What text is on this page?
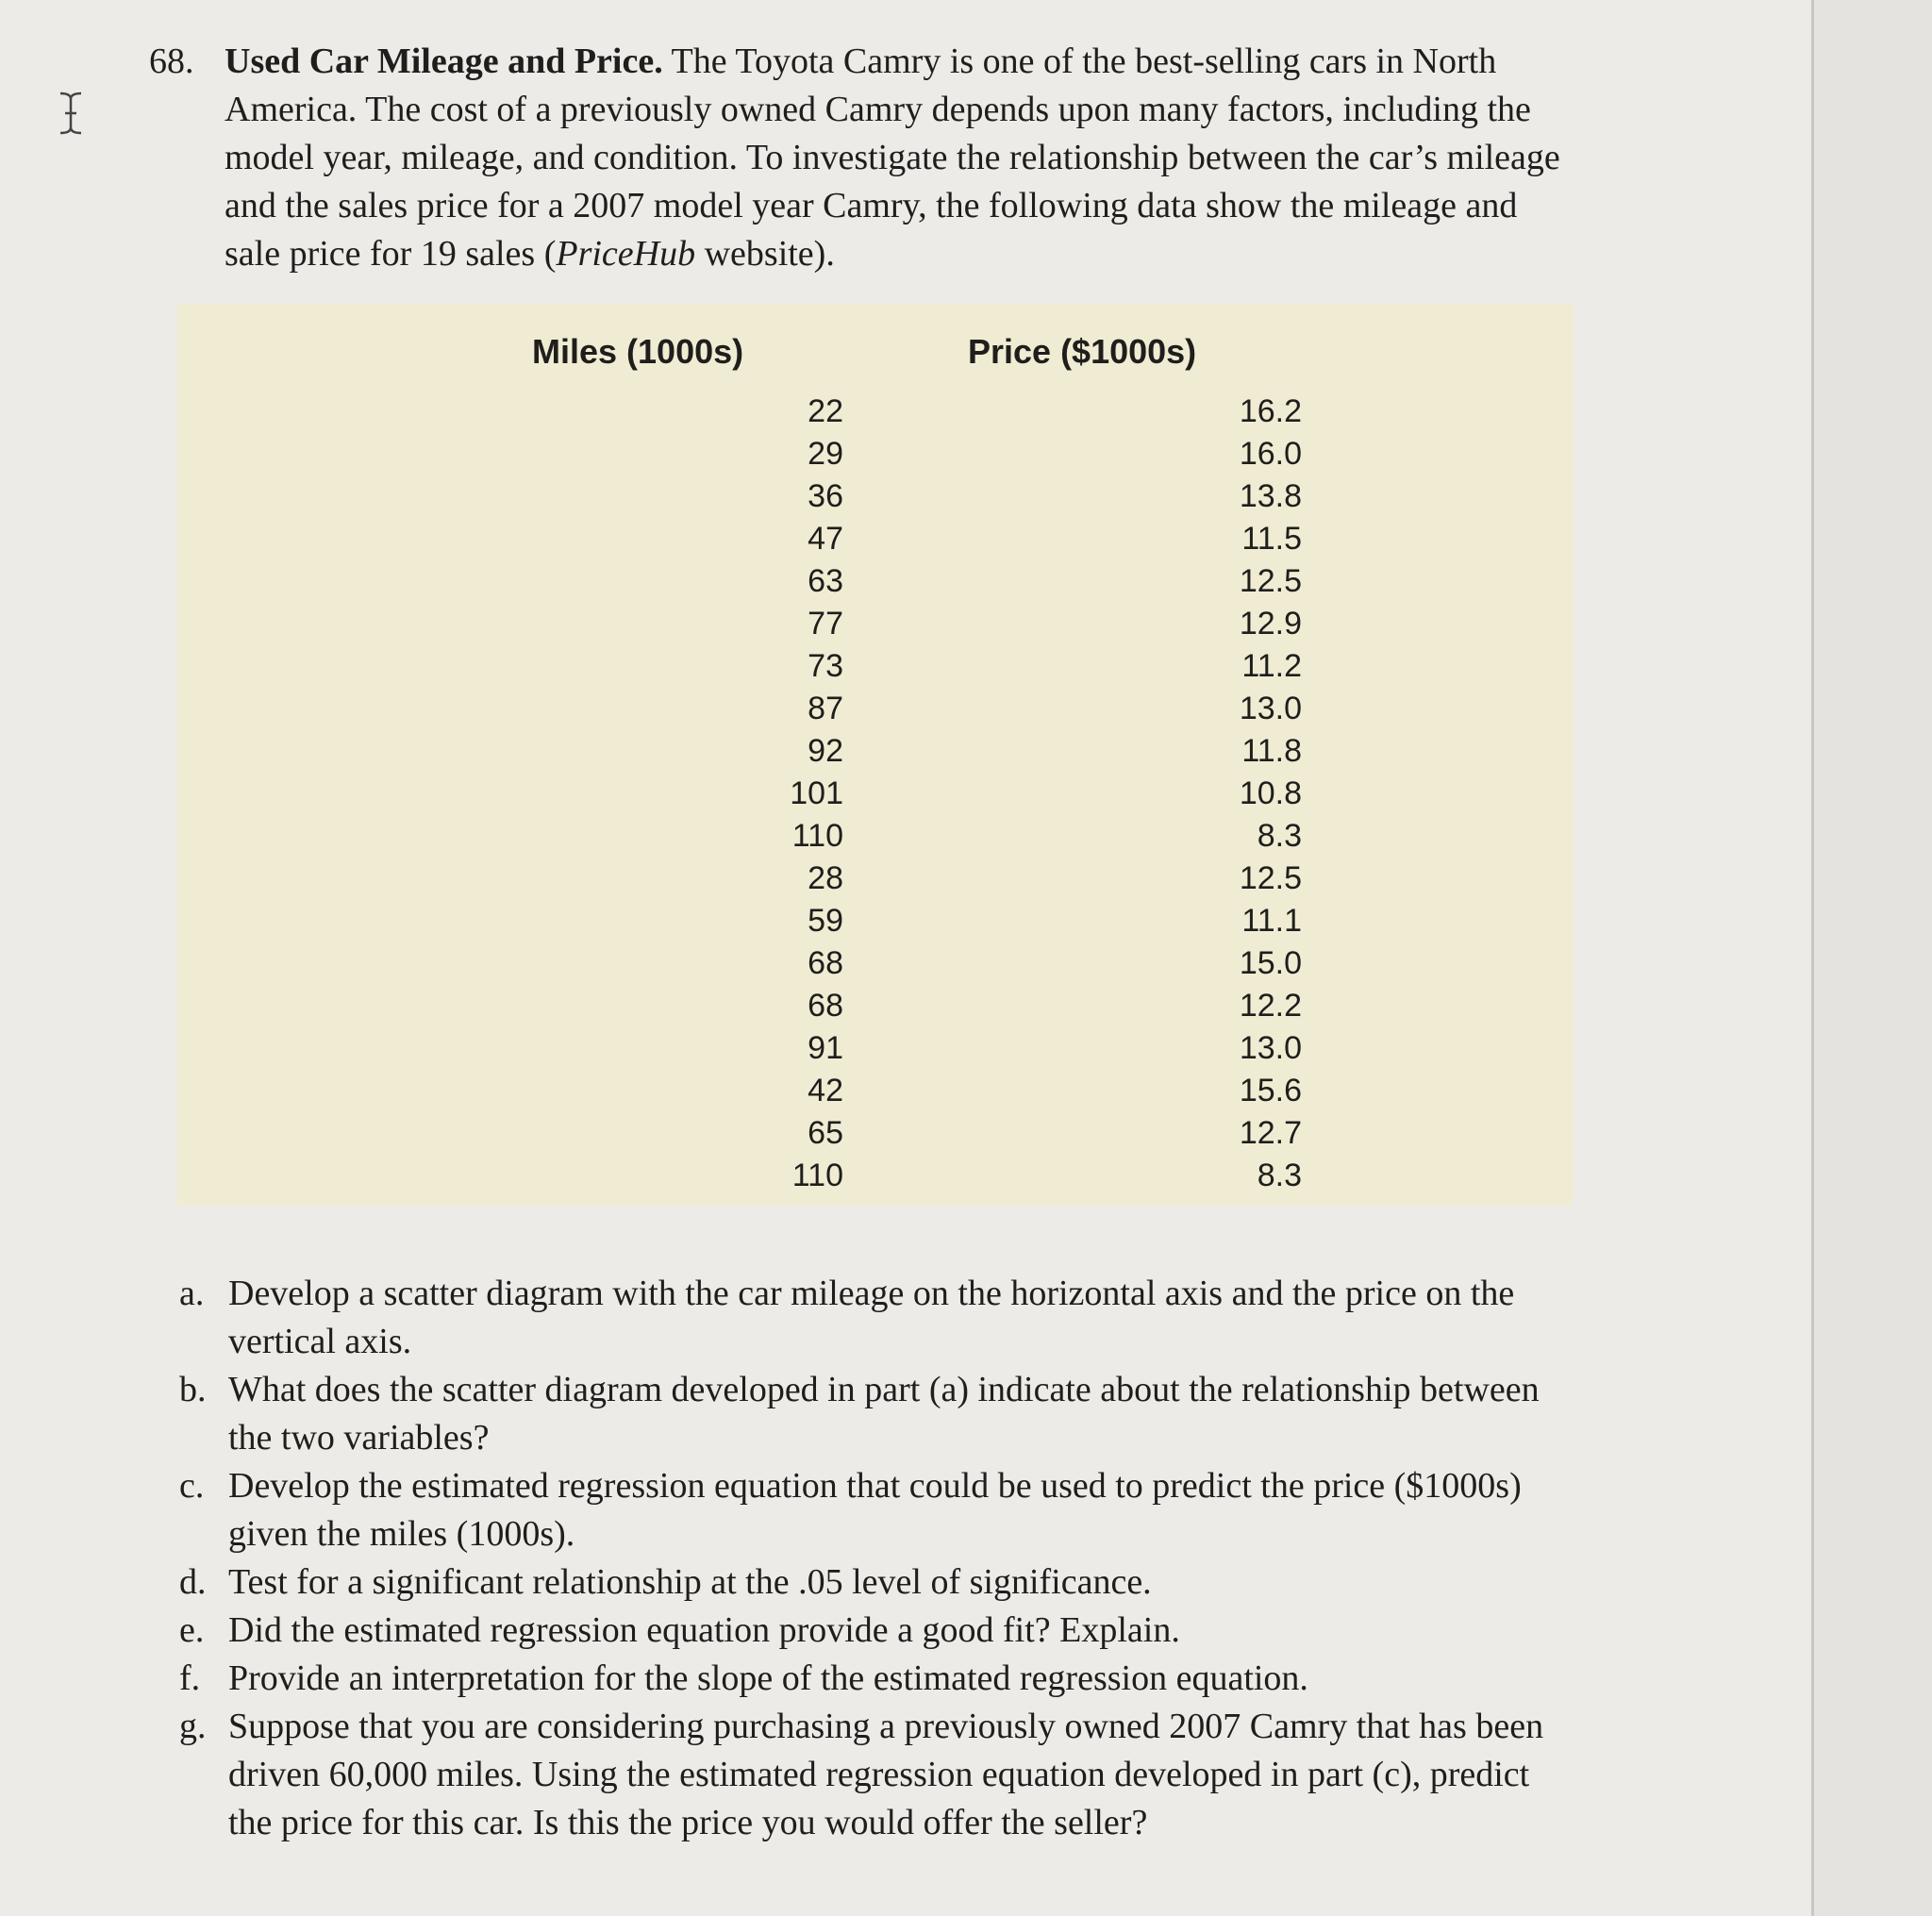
68. Used Car Mileage and Price. The Toyota Camry is one of the best-selling cars in North America. The cost of a previously owned Camry depends upon many factors, including the model year, mileage, and condition. To investigate the relationship between the car’s mileage and the sales price for a 2007 model year Camry, the following data show the mileage and sale price for 19 sales (PriceHub website).
Miles (1000s)	Price ($1000s)
22
29
36
47
63
77
73
87
92
101
110
28
59
68
68
91
42
65
110
16.2
16.0
13.8
11.5
12.5
12.9
11.2
13.0
11.8
10.8
8.3
12.5
11.1
15.0
12.2
13.0
15.6
12.7
8.3

a. Develop a scatter diagram with the car mileage on the horizontal axis and the price on the vertical axis.

b. What does the scatter diagram developed in part (a) indicate about the relationship between the two variables?

c. Develop the estimated regression equation that could be used to predict the price ($1000s) given the miles (1000s).

d. Test for a significant relationship at the .05 level of significance.

e. Did the estimated regression equation provide a good fit? Explain.

f. Provide an interpretation for the slope of the estimated regression equation.

g. Suppose that you are considering purchasing a previously owned 2007 Camry that has been driven 60,000 miles. Using the estimated regression equation developed in part (c), predict the price for this car. Is this the price you would offer the seller?
